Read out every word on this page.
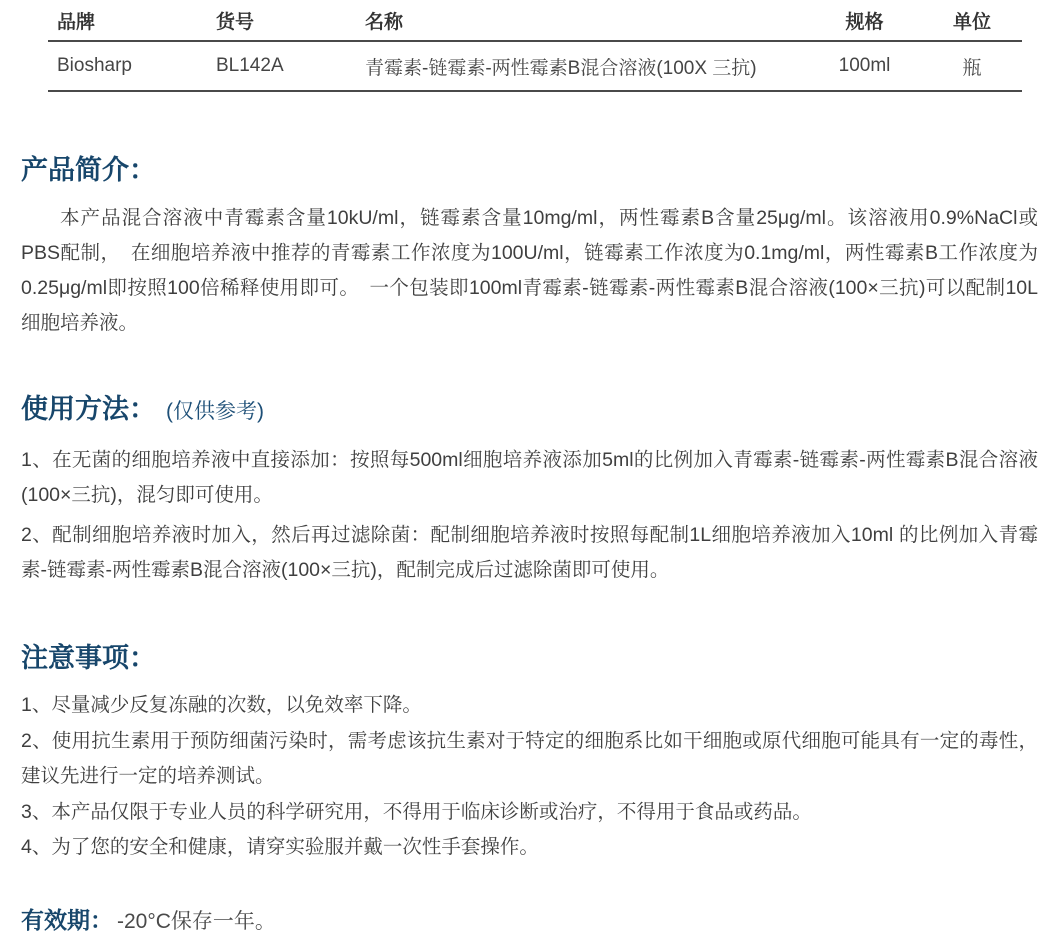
品牌	货号	名称	规格	单位
Biosharp	BL142A	青霉素-链霉素-两性霉素B混合溶液(100X 三抗)	100ml	瓶
产品简介：

本产品混合溶液中青霉素含量10kU/ml，链霉素含量10mg/ml，两性霉素B含量25μg/ml。该溶液用0.9%NaCl或PBS配制，　在细胞培养液中推荐的青霉素工作浓度为100U/ml，链霉素工作浓度为0.1mg/ml，两性霉素B工作浓度为0.25μg/ml即按照100倍稀释使用即可。　一个包装即100ml青霉素-链霉素-两性霉素B混合溶液(100×三抗)可以配制10L细胞培养液。

使用方法： (仅供参考)
1、在无菌的细胞培养液中直接添加：按照每500ml细胞培养液添加5ml的比例加入青霉素-链霉素-两性霉素B混合溶液(100×三抗)，混匀即可使用。
2、配制细胞培养液时加入，然后再过滤除菌：配制细胞培养液时按照每配制1L细胞培养液加入10ml 的比例加入青霉素-链霉素-两性霉素B混合溶液(100×三抗)，配制完成后过滤除菌即可使用。
注意事项：
1、尽量减少反复冻融的次数，以免效率下降。
2、使用抗生素用于预防细菌污染时，需考虑该抗生素对于特定的细胞系比如干细胞或原代细胞可能具有一定的毒性，建议先进行一定的培养测试。
3、本产品仅限于专业人员的科学研究用，不得用于临床诊断或治疗，不得用于食品或药品。
4、为了您的安全和健康，请穿实验服并戴一次性手套操作。
有效期： -20°C保存一年。
